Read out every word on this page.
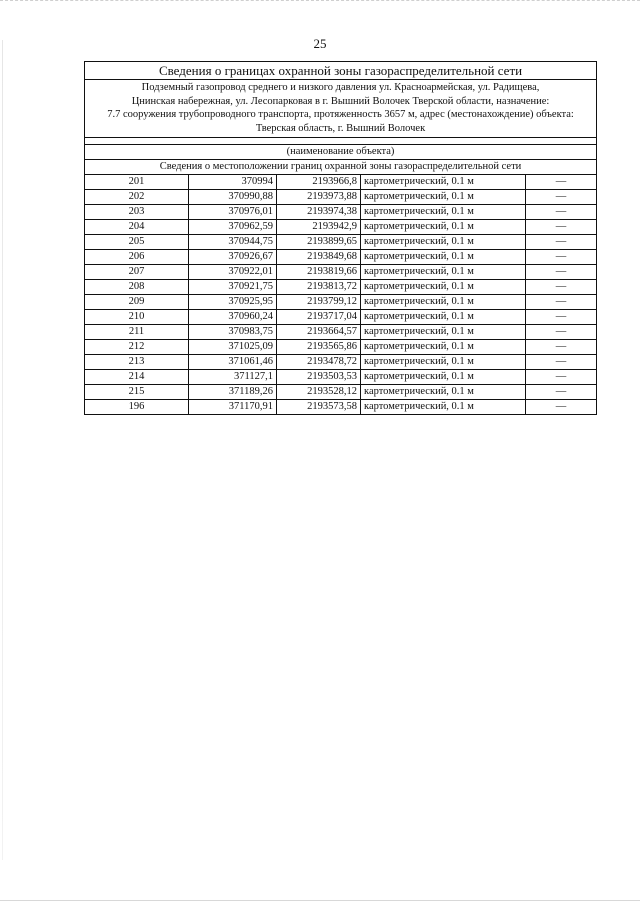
25
Сведения о границах охранной зоны газораспределительной сети				

Подземный газопровод среднего и низкого давления ул. Красноармейская, ул. Радищева,
Цнинская набережная, ул. Лесопарковая в г. Вышний Волочек Тверской области, назначение:
7.7 сооружения трубопроводного транспорта, протяженность 3657 м, адрес (местонахождение) объекта:
Тверская область, г. Вышний Волочек				

(наименование объекта)				
Сведения о местоположении границ охранной зоны газораспределительной сети				
201	370994	2193966,8	картометрический, 0.1 м	—
202	370990,88	2193973,88	картометрический, 0.1 м	—
203	370976,01	2193974,38	картометрический, 0.1 м	—
204	370962,59	2193942,9	картометрический, 0.1 м	—
205	370944,75	2193899,65	картометрический, 0.1 м	—
206	370926,67	2193849,68	картометрический, 0.1 м	—
207	370922,01	2193819,66	картометрический, 0.1 м	—
208	370921,75	2193813,72	картометрический, 0.1 м	—
209	370925,95	2193799,12	картометрический, 0.1 м	—
210	370960,24	2193717,04	картометрический, 0.1 м	—
211	370983,75	2193664,57	картометрический, 0.1 м	—
212	371025,09	2193565,86	картометрический, 0.1 м	—
213	371061,46	2193478,72	картометрический, 0.1 м	—
214	371127,1	2193503,53	картометрический, 0.1 м	—
215	371189,26	2193528,12	картометрический, 0.1 м	—
196	371170,91	2193573,58	картометрический, 0.1 м	—
